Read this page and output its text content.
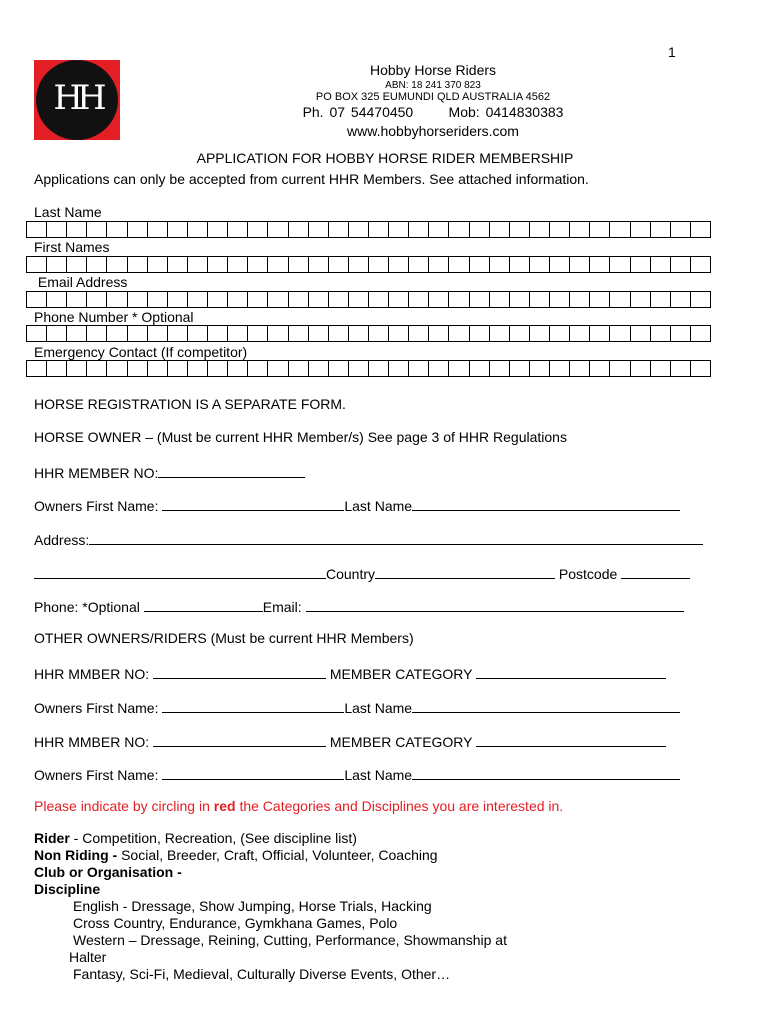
1
HH
Hobby Horse Riders
ABN: 18 241 370 823
PO BOX 325 EUMUNDI QLD AUSTRALIA 4562
Ph. 07 54470450      Mob: 0414830383
www.hobbyhorseriders.com
APPLICATION FOR HOBBY HORSE RIDER MEMBERSHIP
Applications can only be accepted from current HHR Members. See attached information.
Last Name
First Names
Email Address
Phone Number * Optional
Emergency Contact (If competitor)
HORSE REGISTRATION IS A SEPARATE FORM.
HORSE OWNER – (Must be current HHR Member/s) See page 3 of HHR Regulations
HHR MEMBER NO:
Owners First Name:	Last Name
Address:
Country	Postcode
Phone: *Optional	Email:
OTHER OWNERS/RIDERS (Must be current HHR Members)
HHR MMBER NO:	MEMBER CATEGORY
Owners First Name:	Last Name
HHR MMBER NO:	MEMBER CATEGORY
Owners First Name:	Last Name
Please indicate by circling in red the Categories and Disciplines you are interested in.
Rider - Competition, Recreation, (See discipline list)
Non Riding - Social, Breeder, Craft, Official, Volunteer, Coaching
Club or Organisation -
Discipline
English - Dressage, Show Jumping, Horse Trials, Hacking
Cross Country, Endurance, Gymkhana Games, Polo
Western – Dressage, Reining, Cutting, Performance, Showmanship at
Halter
Fantasy, Sci-Fi, Medieval, Culturally Diverse Events, Other…
